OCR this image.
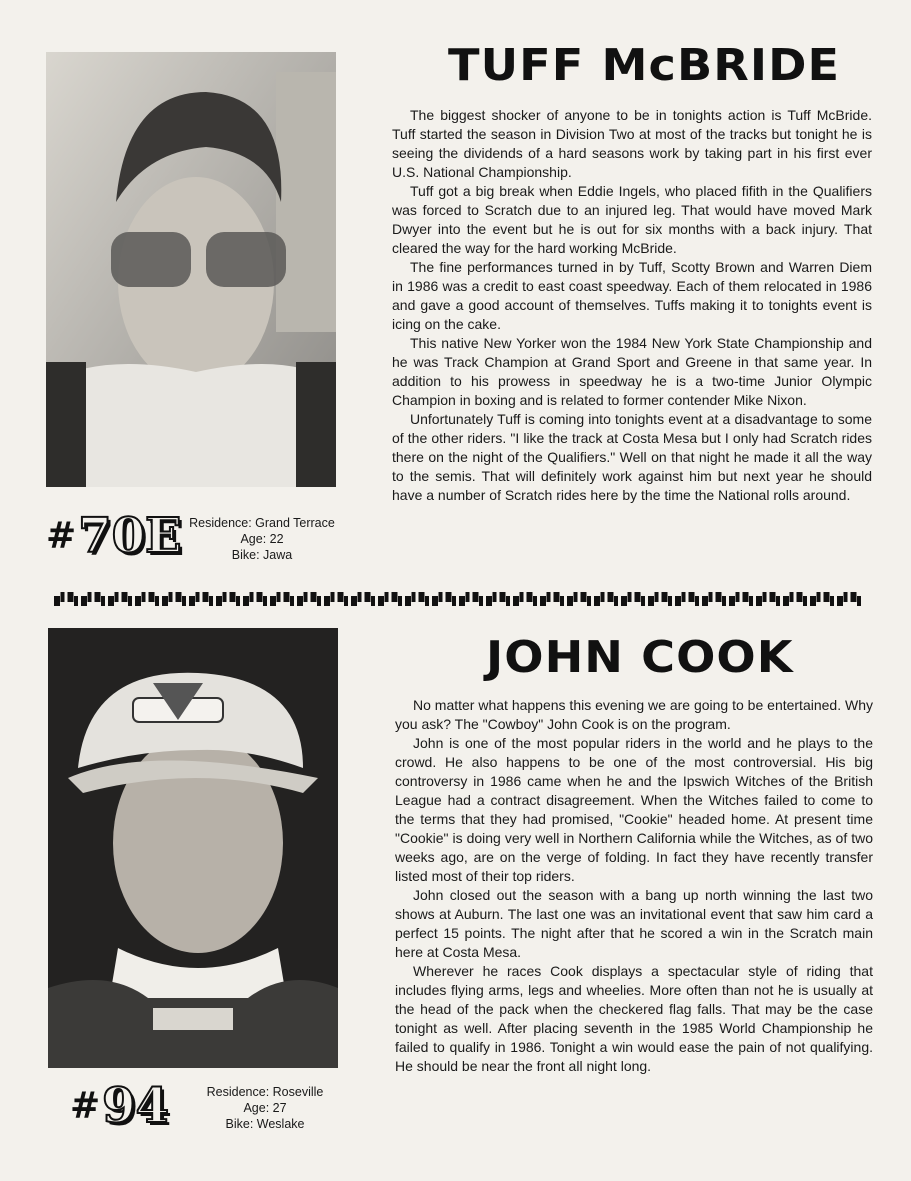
TUFF McBRIDE

The biggest shocker of anyone to be in tonights action is Tuff McBride. Tuff started the season in Division Two at most of the tracks but tonight he is seeing the dividends of a hard seasons work by taking part in his first ever U.S. National Championship.

Tuff got a big break when Eddie Ingels, who placed fifith in the Qualifiers was forced to Scratch due to an injured leg. That would have moved Mark Dwyer into the event but he is out for six months with a back injury. That cleared the way for the hard working McBride.

The fine performances turned in by Tuff, Scotty Brown and Warren Diem in 1986 was a credit to east coast speedway. Each of them relocated in 1986 and gave a good account of themselves. Tuffs making it to tonights event is icing on the cake.

This native New Yorker won the 1984 New York State Championship and he was Track Champion at Grand Sport and Greene in that same year. In addition to his prowess in speedway he is a two-time Junior Olympic Champion in boxing and is related to former contender Mike Nixon.

Unfortunately Tuff is coming into tonights event at a disadvantage to some of the other riders. "I like the track at Costa Mesa but I only had Scratch rides there on the night of the Qualifiers." Well on that night he made it all the way to the semis. That will definitely work against him but next year he should have a number of Scratch rides here by the time the National rolls around.

# 70E Residence: Grand Terrace
Age: 22
Bike: Jawa
JOHN COOK

No matter what happens this evening we are going to be entertained. Why you ask? The "Cowboy" John Cook is on the program.

John is one of the most popular riders in the world and he plays to the crowd. He also happens to be one of the most controversial. His big controversy in 1986 came when he and the Ipswich Witches of the British League had a contract disagreement. When the Witches failed to come to the terms that they had promised, "Cookie" headed home. At present time "Cookie" is doing very well in Northern California while the Witches, as of two weeks ago, are on the verge of folding. In fact they have recently transfer listed most of their top riders.

John closed out the season with a bang up north winning the last two shows at Auburn. The last one was an invitational event that saw him card a perfect 15 points. The night after that he scored a win in the Scratch main here at Costa Mesa.

Wherever he races Cook displays a spectacular style of riding that includes flying arms, legs and wheelies. More often than not he is usually at the head of the pack when the checkered flag falls. That may be the case tonight as well. After placing seventh in the 1985 World Championship he failed to qualify in 1986. Tonight a win would ease the pain of not qualifying. He should be near the front all night long.

# 94	Residence: Roseville
Age: 27
Bike: Weslake
